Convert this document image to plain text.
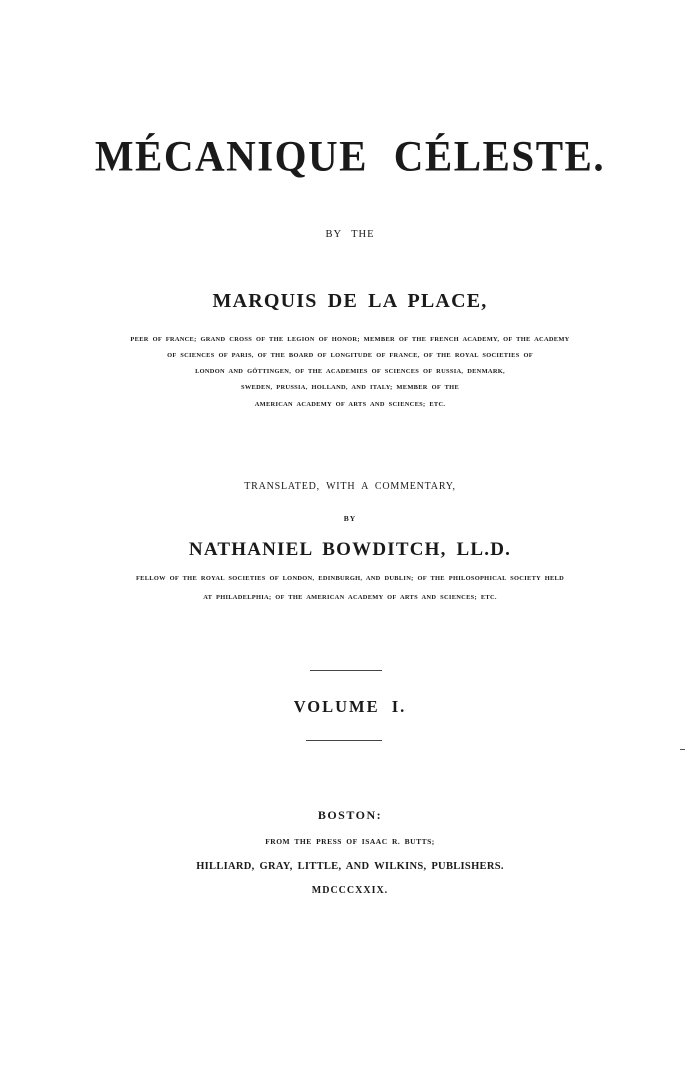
MÉCANIQUE CÉLESTE.

BY THE

MARQUIS DE LA PLACE,

PEER OF FRANCE; GRAND CROSS OF THE LEGION OF HONOR; MEMBER OF THE FRENCH ACADEMY, OF THE ACADEMY

OF SCIENCES OF PARIS, OF THE BOARD OF LONGITUDE OF FRANCE, OF THE ROYAL SOCIETIES OF

LONDON AND GÖTTINGEN, OF THE ACADEMIES OF SCIENCES OF RUSSIA, DENMARK,

SWEDEN, PRUSSIA, HOLLAND, AND ITALY; MEMBER OF THE

AMERICAN ACADEMY OF ARTS AND SCIENCES; ETC.

TRANSLATED, WITH A COMMENTARY,

BY

NATHANIEL BOWDITCH, LL.D.

FELLOW OF THE ROYAL SOCIETIES OF LONDON, EDINBURGH, AND DUBLIN; OF THE PHILOSOPHICAL SOCIETY HELD

AT PHILADELPHIA; OF THE AMERICAN ACADEMY OF ARTS AND SCIENCES; ETC.

VOLUME I.

BOSTON:

FROM THE PRESS OF ISAAC R. BUTTS;

HILLIARD, GRAY, LITTLE, AND WILKINS, PUBLISHERS.

MDCCCXXIX.
